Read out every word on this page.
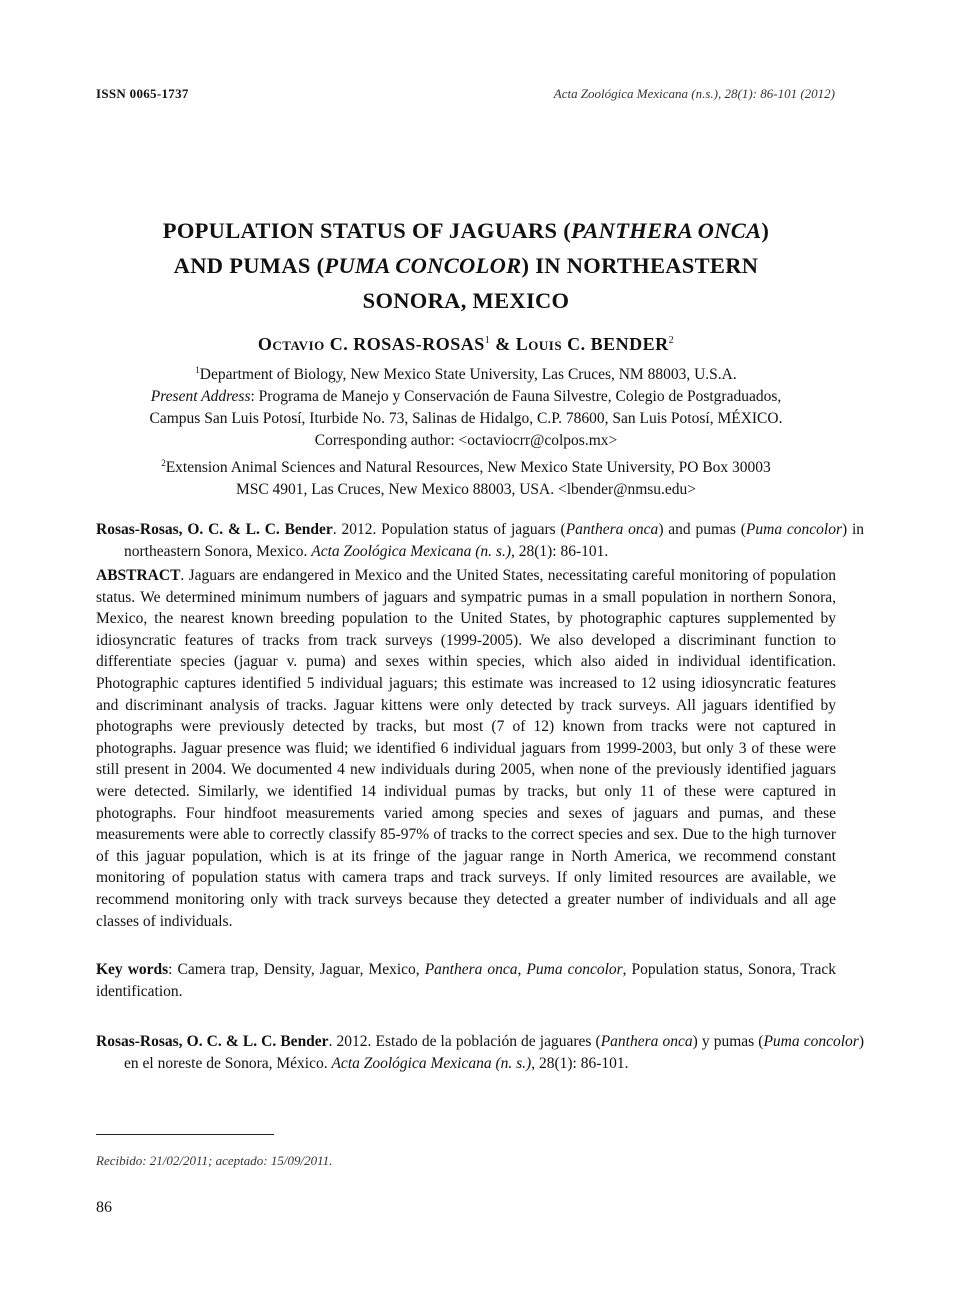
ISSN 0065-1737	Acta Zoológica Mexicana (n.s.), 28(1): 86-101 (2012)
POPULATION STATUS OF JAGUARS (PANTHERA ONCA)
AND PUMAS (PUMA CONCOLOR) IN NORTHEASTERN
SONORA, MEXICO
Octavio C. ROSAS-ROSAS$^1$ & Louis C. BENDER$^2$
$^1$Department of Biology, New Mexico State University, Las Cruces, NM 88003, U.S.A.
Present Address: Programa de Manejo y Conservación de Fauna Silvestre, Colegio de Postgraduados,
Campus San Luis Potosí, Iturbide No. 73, Salinas de Hidalgo, C.P. 78600, San Luis Potosí, MÉXICO.
Corresponding author: <octaviocrr@colpos.mx>
$^2$Extension Animal Sciences and Natural Resources, New Mexico State University, PO Box 30003
MSC 4901, Las Cruces, New Mexico 88003, USA. <lbender@nmsu.edu>
Rosas-Rosas, O. C. & L. C. Bender. 2012. Population status of jaguars (Panthera onca) and pumas (Puma concolor) in northeastern Sonora, Mexico. Acta Zoológica Mexicana (n. s.), 28(1): 86-101.
ABSTRACT. Jaguars are endangered in Mexico and the United States, necessitating careful monitoring of population status. We determined minimum numbers of jaguars and sympatric pumas in a small population in northern Sonora, Mexico, the nearest known breeding population to the United States, by photographic captures supplemented by idiosyncratic features of tracks from track surveys (1999-2005). We also developed a discriminant function to differentiate species (jaguar v. puma) and sexes within species, which also aided in individual identification. Photographic captures identified 5 individual jaguars; this estimate was increased to 12 using idiosyncratic features and discriminant analysis of tracks. Jaguar kittens were only detected by track surveys. All jaguars identified by photographs were previously detected by tracks, but most (7 of 12) known from tracks were not captured in photographs. Jaguar presence was fluid; we identified 6 individual jaguars from 1999-2003, but only 3 of these were still present in 2004. We documented 4 new individuals during 2005, when none of the previously identified jaguars were detected. Similarly, we identified 14 individual pumas by tracks, but only 11 of these were captured in photographs. Four hindfoot measurements varied among species and sexes of jaguars and pumas, and these measurements were able to correctly classify 85-97% of tracks to the correct species and sex. Due to the high turnover of this jaguar population, which is at its fringe of the jaguar range in North America, we recommend constant monitoring of population status with camera traps and track surveys. If only limited resources are available, we recommend monitoring only with track surveys because they detected a greater number of individuals and all age classes of individuals.
Key words: Camera trap, Density, Jaguar, Mexico, Panthera onca, Puma concolor, Population status, Sonora, Track identification.
Rosas-Rosas, O. C. & L. C. Bender. 2012. Estado de la población de jaguares (Panthera onca) y pumas (Puma concolor) en el noreste de Sonora, México. Acta Zoológica Mexicana (n. s.), 28(1): 86-101.
Recibido: 21/02/2011; aceptado: 15/09/2011.
86
